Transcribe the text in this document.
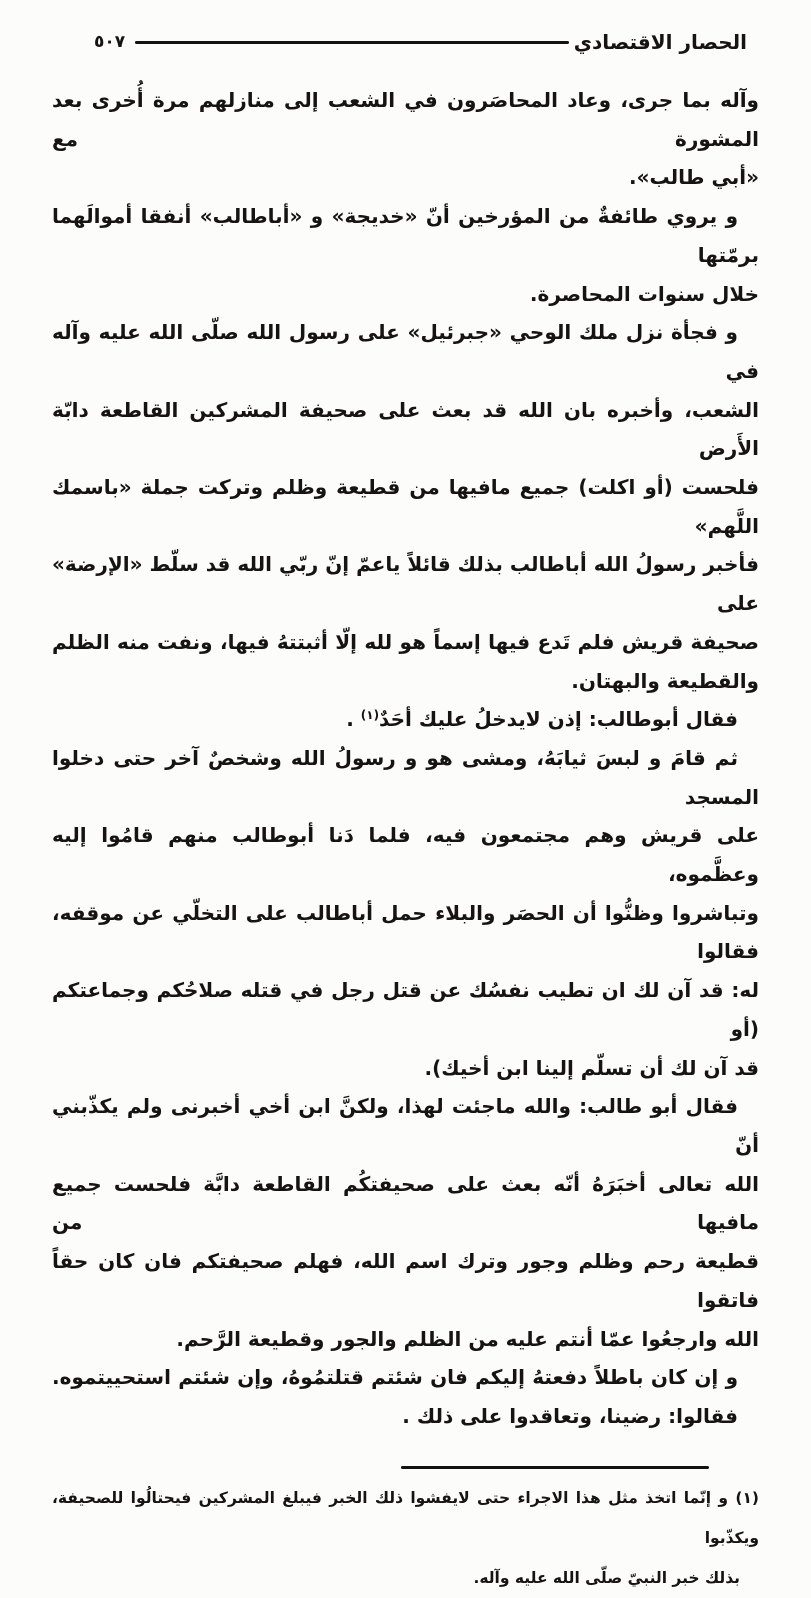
الحصار الاقتصادي
٥٠٧
وآله بما جرى، وعاد المحاصَرون في الشعب إلى منازلهم مرة أُخرى بعد المشورة مع
«أبي طالب».
و يروي طائفةٌ من المؤرخين أنّ «خديجة» و «أباطالب» أنفقا أموالَهما برمّتها
خلال سنوات المحاصرة.
و فجأة نزل ملك الوحي «جبرئيل» على رسول الله صلّى الله عليه وآله في
الشعب، وأخبره بان الله قد بعث على صحيفة المشركين القاطعة دابّة الأَرض
فلحست (أو اكلت) جميع مافيها من قطيعة وظلم وتركت جملة «باسمك اللَّهم»
فأخبر رسولُ الله أباطالب بذلك قائلاً ياعمّ إنّ ربّي الله قد سلّط «الإرضة» على
صحيفة قريش فلم تَدع فيها إسماً هو لله إلّا أثبتتهُ فيها، ونفت منه الظلم
والقطيعة والبهتان.
فقال أبوطالب: إذن لايدخلُ عليك أحَدٌ$^{(١)}$ .
ثم قامَ و لبسَ ثيابَهُ، ومشى هو و رسولُ الله وشخصٌ آخر حتى دخلوا المسجد
على قريش وهم مجتمعون فيه، فلما دَنا أبوطالب منهم قامُوا إليه وعظَّموه،
وتباشروا وظنُّوا أن الحصَر والبلاء حمل أباطالب على التخلّي عن موقفه، فقالوا
له: قد آن لك ان تطيب نفسُك عن قتل رجل في قتله صلاحُكم وجماعتكم (أو
قد آن لك أن تسلّم إلينا ابن أخيك).
فقال أبو طالب: والله ماجئت لهذا، ولكنَّ ابن أخي أخبرنى ولم يكذّبني أنّ
الله تعالى أخبَرَهُ أنّه بعث على صحيفتكُم القاطعة دابَّة فلحست جميع مافيها من
قطيعة رحم وظلم وجور وترك اسم الله، فهلم صحيفتكم فان كان حقاً فاتقوا
الله وارجعُوا عمّا أنتم عليه من الظلم والجور وقطيعة الرَّحم.
و إن كان باطلاً دفعتهُ إليكم فان شئتم قتلتمُوهُ، وإن شئتم استحييتموه.
فقالوا: رضينا، وتعاقدوا على ذلك .
(١) و إنّما اتخذ مثل هذا الاجراء حتى لايفشوا ذلك الخبر فيبلغ المشركين فيحتالُوا للصحيفة، ويكذّبوا
بذلك خبر النبيّ صلّى الله عليه وآله.
